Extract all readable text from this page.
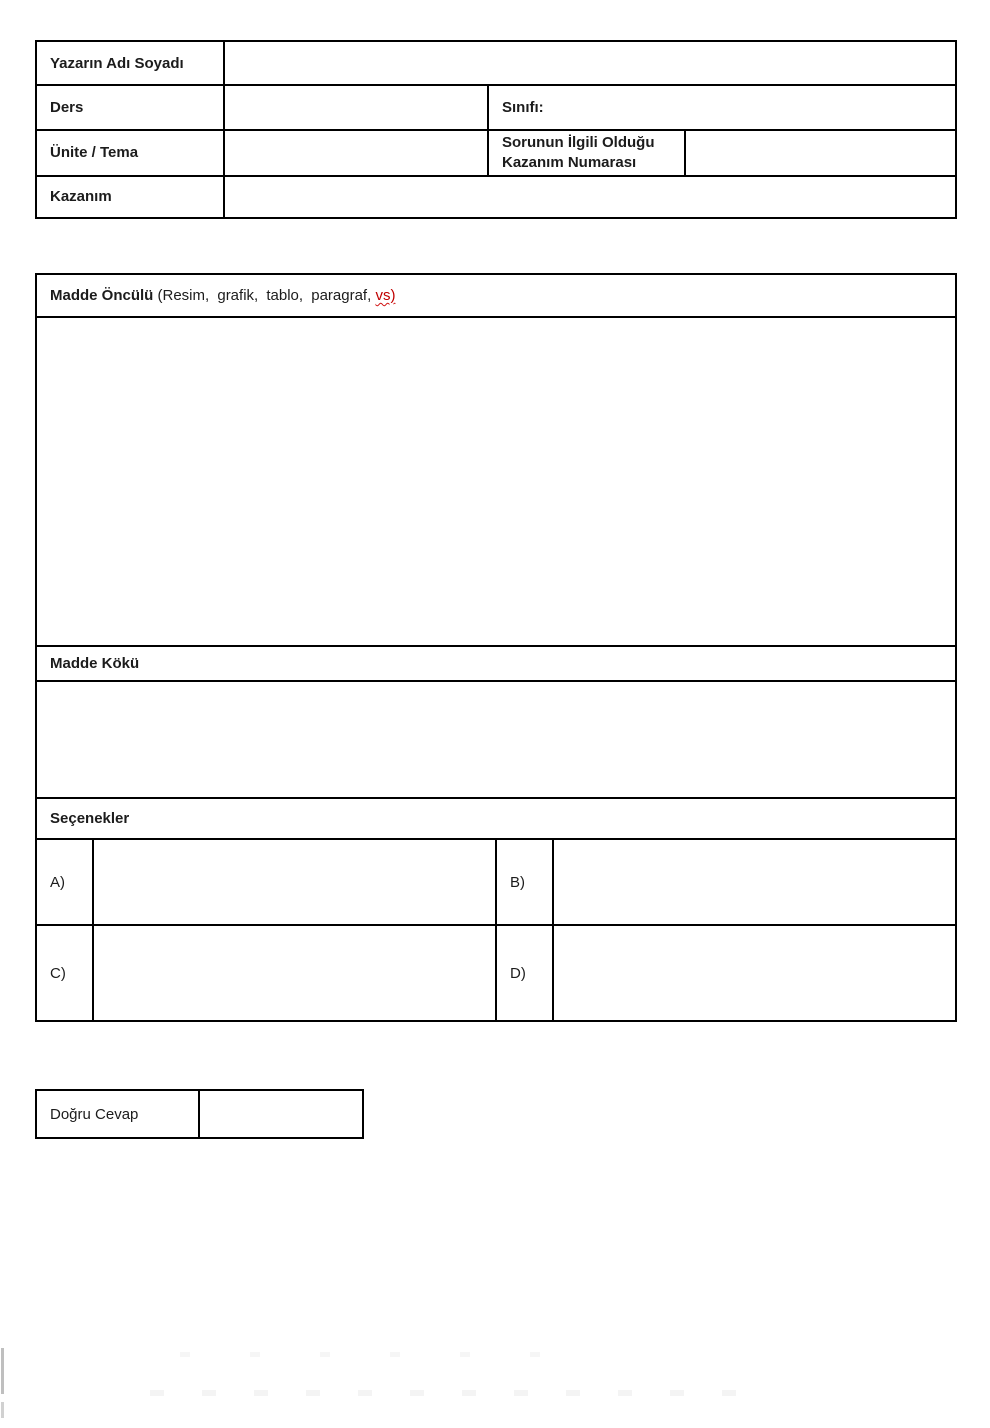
Yazarın Adı Soyadı			
Ders		Sınıfı:	
Ünite / Tema		Sorunun İlgili Olduğu Kazanım Numarası	
Kazanım			
Madde Öncülü (Resim, grafik, tablo, paragraf, vs)			

Madde Kökü			

Seçenekler			
A)		B)	
C)		D)	
Doğru Cevap	
